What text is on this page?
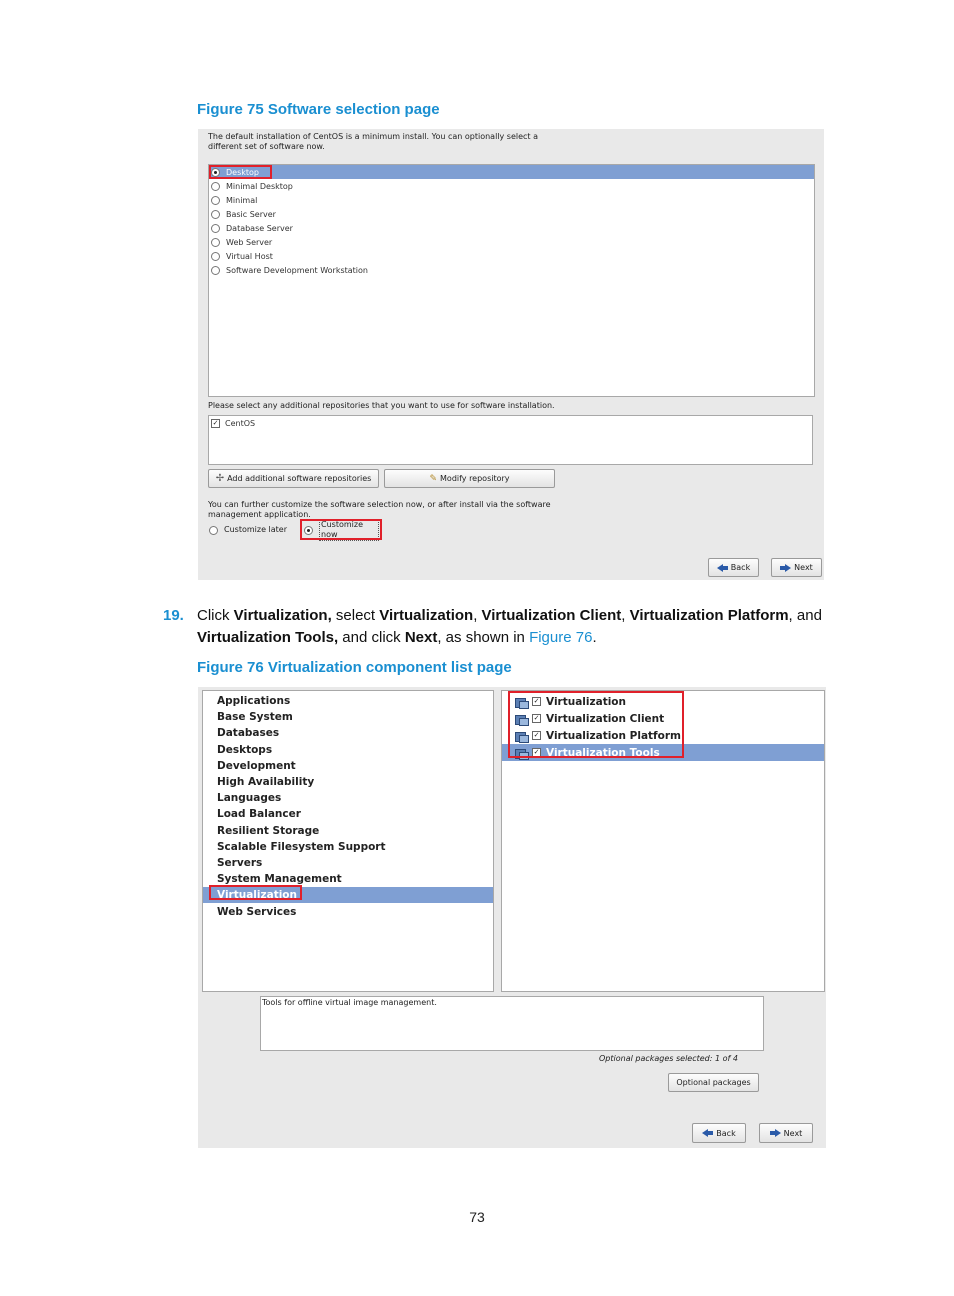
Figure 75 Software selection page
The default installation of CentOS is a minimum install. You can optionally select a
different set of software now.
Desktop
Minimal Desktop
Minimal
Basic Server
Database Server
Web Server
Virtual Host
Software Development Workstation
Please select any additional repositories that you want to use for software installation.
✓ CentOS
✢ Add additional software repositories	✎ Modify repository
You can further customize the software selection now, or after install via the software
management application.
Customize later
Customize now
Back	Next
19. Click Virtualization, select Virtualization, Virtualization Client, Virtualization Platform, and
Virtualization Tools, and click Next, as shown in Figure 76.
Figure 76 Virtualization component list page
Applications
Base System
Databases
Desktops
Development
High Availability
Languages
Load Balancer
Resilient Storage
Scalable Filesystem Support
Servers
System Management
Virtualization
Web Services
✓ Virtualization
✓ Virtualization Client
✓ Virtualization Platform
✓ Virtualization Tools
Tools for offline virtual image management.
Optional packages selected: 1 of 4
Optional packages
Back	Next
73
